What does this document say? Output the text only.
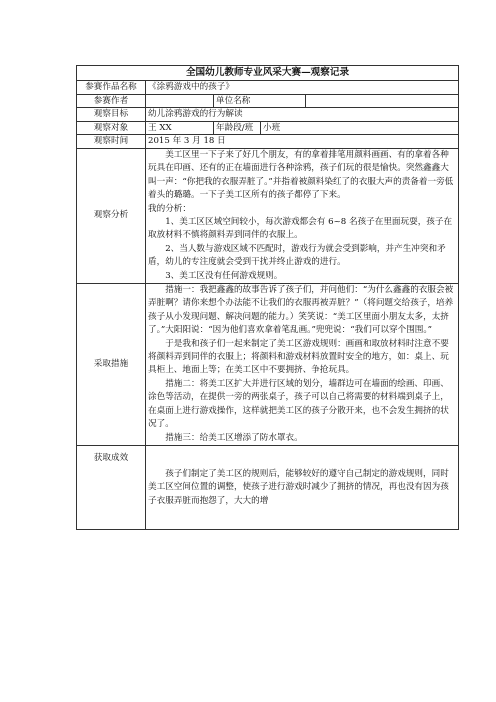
全国幼儿教师专业风采大赛—观察记录				
参赛作品名称	《涂鸦游戏中的孩子》			
参赛作者		单位名称		
观察目标	幼儿涂鸦游戏的行为解读			
观察对象	王 XX	年龄段/班	小班	
观察时间	2015 年 3 月 18 日			
观察分析	美工区里一下子来了好几个朋友，有的拿着排笔用颜料画画、有的拿着各种玩具在印画、还有的正在墙面进行各种涂鸦，孩子们玩的很是愉快。突然鑫鑫大叫一声：“你把我的衣服弄脏了。”并指着被颜料染红了的衣服大声的责备着一旁低着头的璐璐。一下子美工区所有的孩子都停了下来。

我的分析：

1、美工区区域空间较小，每次游戏都会有 6~8 名孩子在里面玩耍，孩子在取放材料不慎将颜料弄到同伴的衣服上。

2、当人数与游戏区域不匹配时，游戏行为就会受到影响，并产生冲突和矛盾，幼儿的专注度就会受到干扰并终止游戏的进行。

3、美工区没有任何游戏规则。			

采取措施	措施一：我把鑫鑫的故事告诉了孩子们，并问他们：“为什么鑫鑫的衣服会被弄脏啊？请你来想个办法能不让我们的衣服再被弄脏？”（将问题交给孩子，培养孩子从小发现问题、解决问题的能力。）笑笑说：“美工区里面小朋友太多，太挤了。”大阳阳说：“因为他们喜欢拿着笔乱画。”兜兜说：“我们可以穿个围围。”

于是我和孩子们一起来制定了美工区游戏规则：画画和取放材料时注意不要将颜料弄到同伴的衣服上；将颜料和游戏材料放置时安全的地方，如：桌上、玩具柜上、地面上等；在美工区中不要拥挤、争抢玩具。

措施二：将美工区扩大并进行区域的划分，墙群边可在墙面的绘画、印画、涂色等活动，在提供一旁的两张桌子，孩子可以自己将需要的材料端到桌子上，在桌面上进行游戏操作，这样就把美工区的孩子分散开来，也不会发生拥挤的状况了。

措施三：给美工区增添了防水罩衣。			

获取成效	孩子们制定了美工区的规则后，能够较好的遵守自己制定的游戏规则，同时美工区空间位置的调整，使孩子进行游戏时减少了拥挤的情况，再也没有因为孩子衣服弄脏而抱怨了，大大的增			
